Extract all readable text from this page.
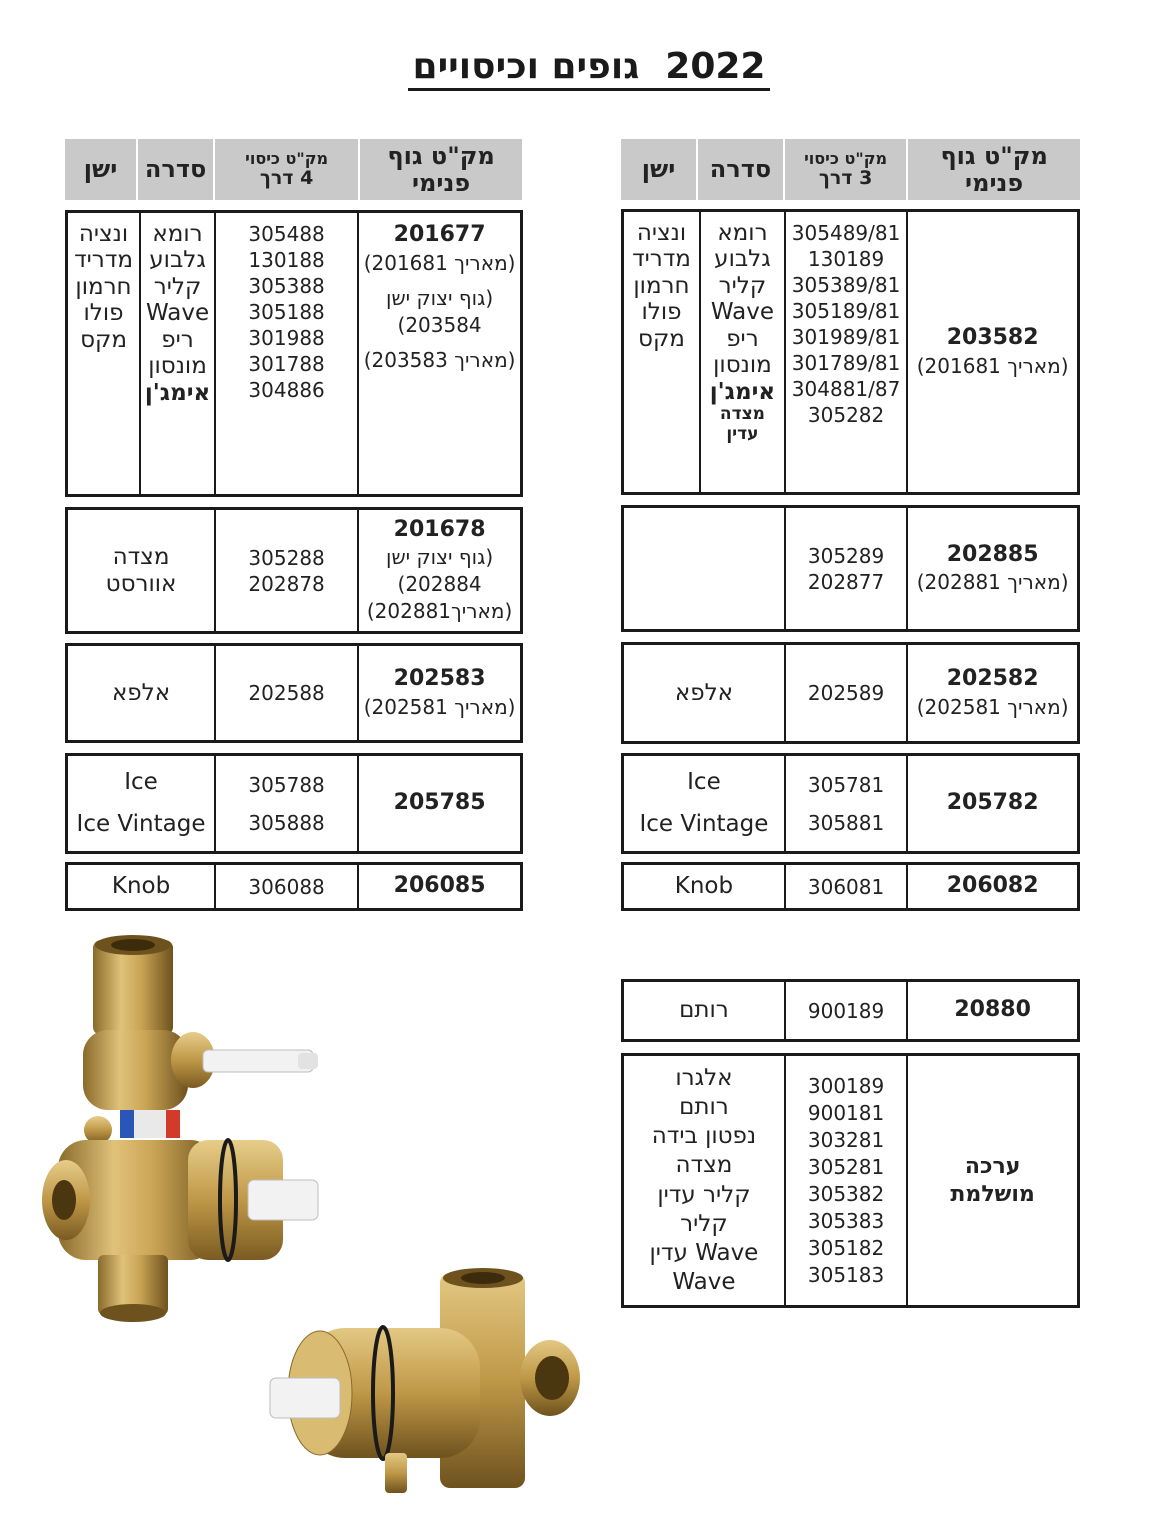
גופים וכיסויים 2022
מק"ט גוף פנימי
מק"ט כיסוי
3 דרך
סדרה
ישן
מק"ט גוף פנימי
מק"ט כיסוי
4 דרך
סדרה
ישן
203582
(מאריך 201681)
305489/81
130189
305389/81
305189/81
301989/81
301789/81
304881/87
305282
רומא
גלבוע
קליר
Wave
ריפ
מונסון
אימג'ן
מצדה עדין
ונציה
מדריד
חרמון
פולו
מקס
202885
(מאריך 202881)
305289
202877
202582
(מאריך 202581)
202589
אלפא
205782
305781
305881
Ice
Ice Vintage
206082
306081
Knob
20880
900189
רותם
ערכה מושלמת
300189
900181
303281
305281
305382
305383
305182
305183
אלגרו
רותם
נפטון בידה
מצדה
קליר עדין
קליר
Wave עדין
Wave
201677
(מאריך 201681)
(גוף יצוק ישן
203584)
(מאריך 203583)
305488
130188
305388
305188
301988
301788
304886
רומא
גלבוע
קליר
Wave
ריפ
מונסון
אימג'ן
ונציה
מדריד
חרמון
פולו
מקס
201678
(גוף יצוק ישן
202884)
(מאריך202881)
305288
202878
מצדה
אוורסט
202583
(מאריך 202581)
202588
אלפא
205785
305788
305888
Ice
Ice Vintage
206085
306088
Knob
